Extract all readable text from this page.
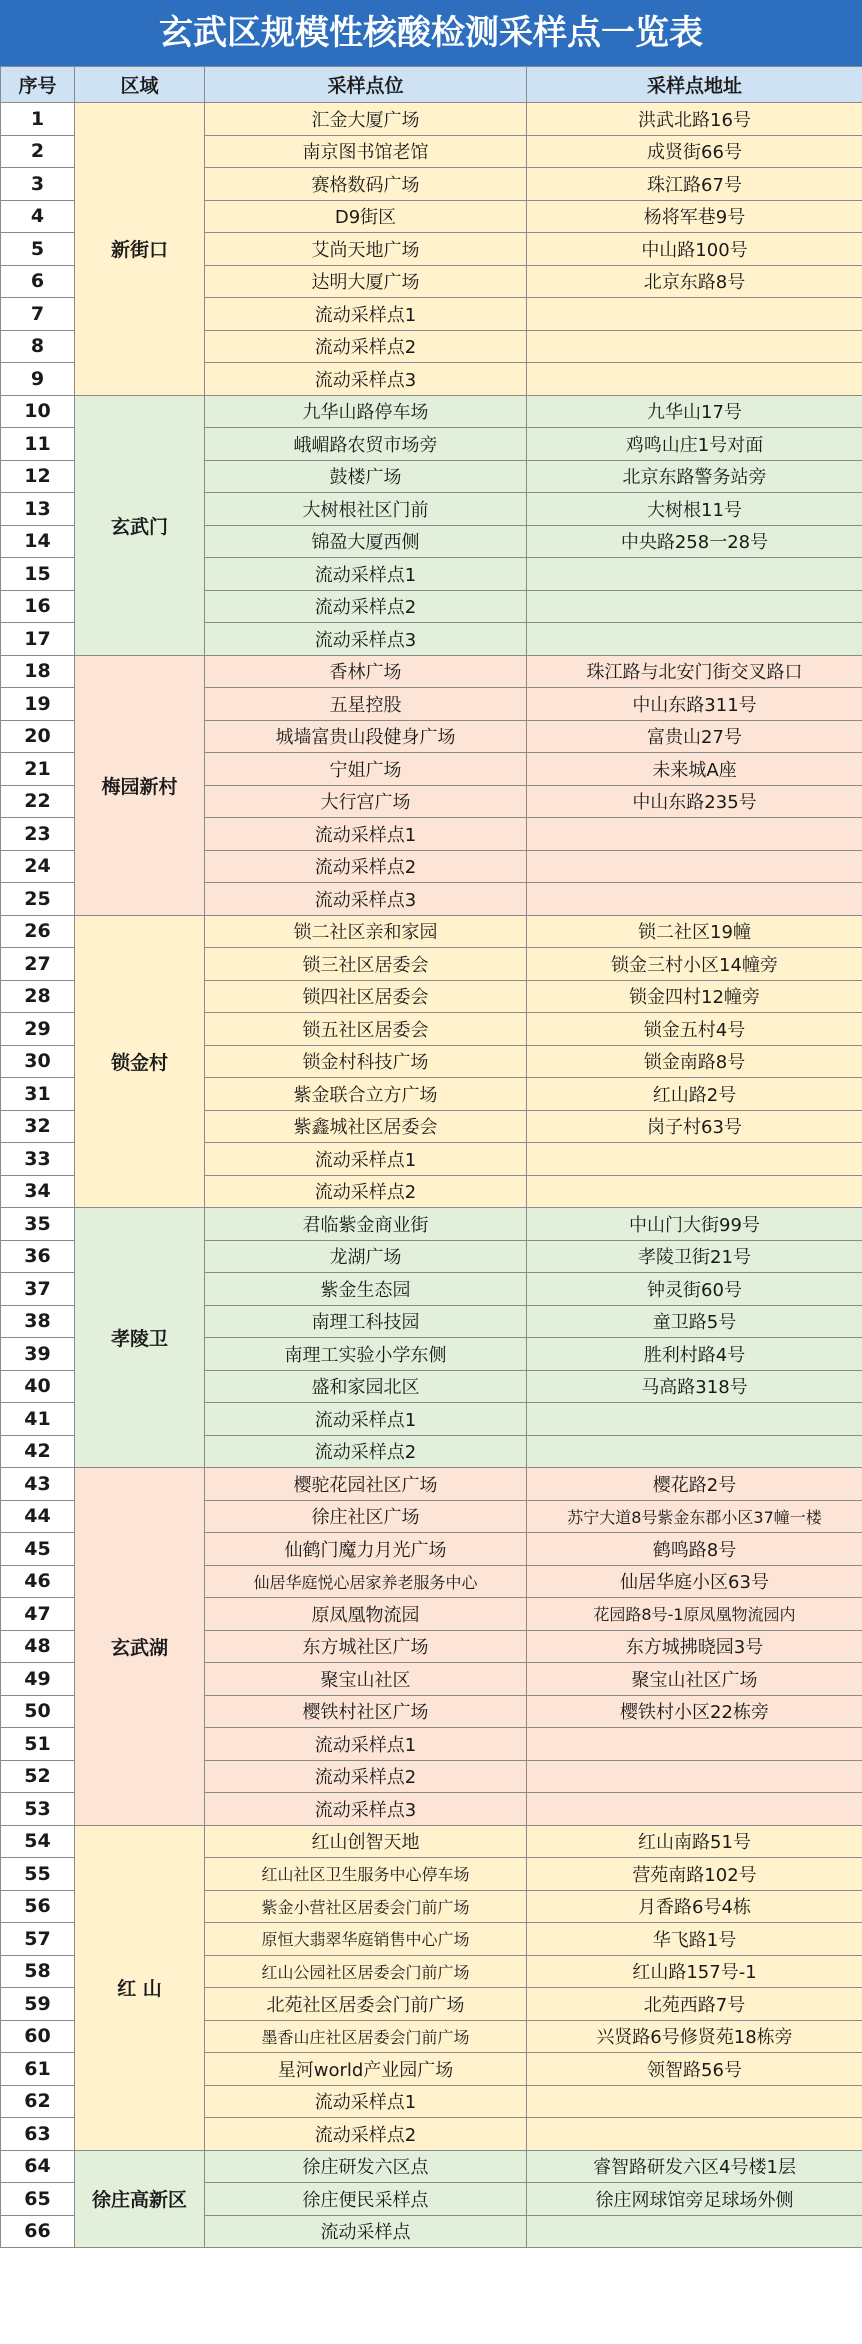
玄武区规模性核酸检测采样点一览表
序号	区域	采样点位	采样点地址
1	新街口	汇金大厦广场	洪武北路16号
2		南京图书馆老馆	成贤街66号
3		赛格数码广场	珠江路67号
4		D9街区	杨将军巷9号
5		艾尚天地广场	中山路100号
6		达明大厦广场	北京东路8号
7		流动采样点1	
8		流动采样点2	
9		流动采样点3	
10	玄武门	九华山路停车场	九华山17号
11		峨嵋路农贸市场旁	鸡鸣山庄1号对面
12		鼓楼广场	北京东路警务站旁
13		大树根社区门前	大树根11号
14		锦盈大厦西侧	中央路258一28号
15		流动采样点1	
16		流动采样点2	
17		流动采样点3	
18	梅园新村	香林广场	珠江路与北安门街交叉路口
19		五星控股	中山东路311号
20		城墙富贵山段健身广场	富贵山27号
21		宁姐广场	未来城A座
22		大行宫广场	中山东路235号
23		流动采样点1	
24		流动采样点2	
25		流动采样点3	
26	锁金村	锁二社区亲和家园	锁二社区19幢
27		锁三社区居委会	锁金三村小区14幢旁
28		锁四社区居委会	锁金四村12幢旁
29		锁五社区居委会	锁金五村4号
30		锁金村科技广场	锁金南路8号
31		紫金联合立方广场	红山路2号
32		紫鑫城社区居委会	岗子村63号
33		流动采样点1	
34		流动采样点2	
35	孝陵卫	君临紫金商业街	中山门大街99号
36		龙湖广场	孝陵卫街21号
37		紫金生态园	钟灵街60号
38		南理工科技园	童卫路5号
39		南理工实验小学东侧	胜利村路4号
40		盛和家园北区	马高路318号
41		流动采样点1	
42		流动采样点2	
43	玄武湖	樱驼花园社区广场	樱花路2号
44		徐庄社区广场	苏宁大道8号紫金东郡小区37幢一楼
45		仙鹤门魔力月光广场	鹤鸣路8号
46		仙居华庭悦心居家养老服务中心	仙居华庭小区63号
47		原凤凰物流园	花园路8号-1原凤凰物流园内
48		东方城社区广场	东方城拂晓园3号
49		聚宝山社区	聚宝山社区广场
50		樱铁村社区广场	樱铁村小区22栋旁
51		流动采样点1	
52		流动采样点2	
53		流动采样点3	
54	红 山	红山创智天地	红山南路51号
55		红山社区卫生服务中心停车场	营苑南路102号
56		紫金小营社区居委会门前广场	月香路6号4栋
57		原恒大翡翠华庭销售中心广场	华飞路1号
58		红山公园社区居委会门前广场	红山路157号-1
59		北苑社区居委会门前广场	北苑西路7号
60		墨香山庄社区居委会门前广场	兴贤路6号修贤苑18栋旁
61		星河world产业园广场	领智路56号
62		流动采样点1	
63		流动采样点2	
64	徐庄高新区	徐庄研发六区点	睿智路研发六区4号楼1层
65		徐庄便民采样点	徐庄网球馆旁足球场外侧
66		流动采样点	
